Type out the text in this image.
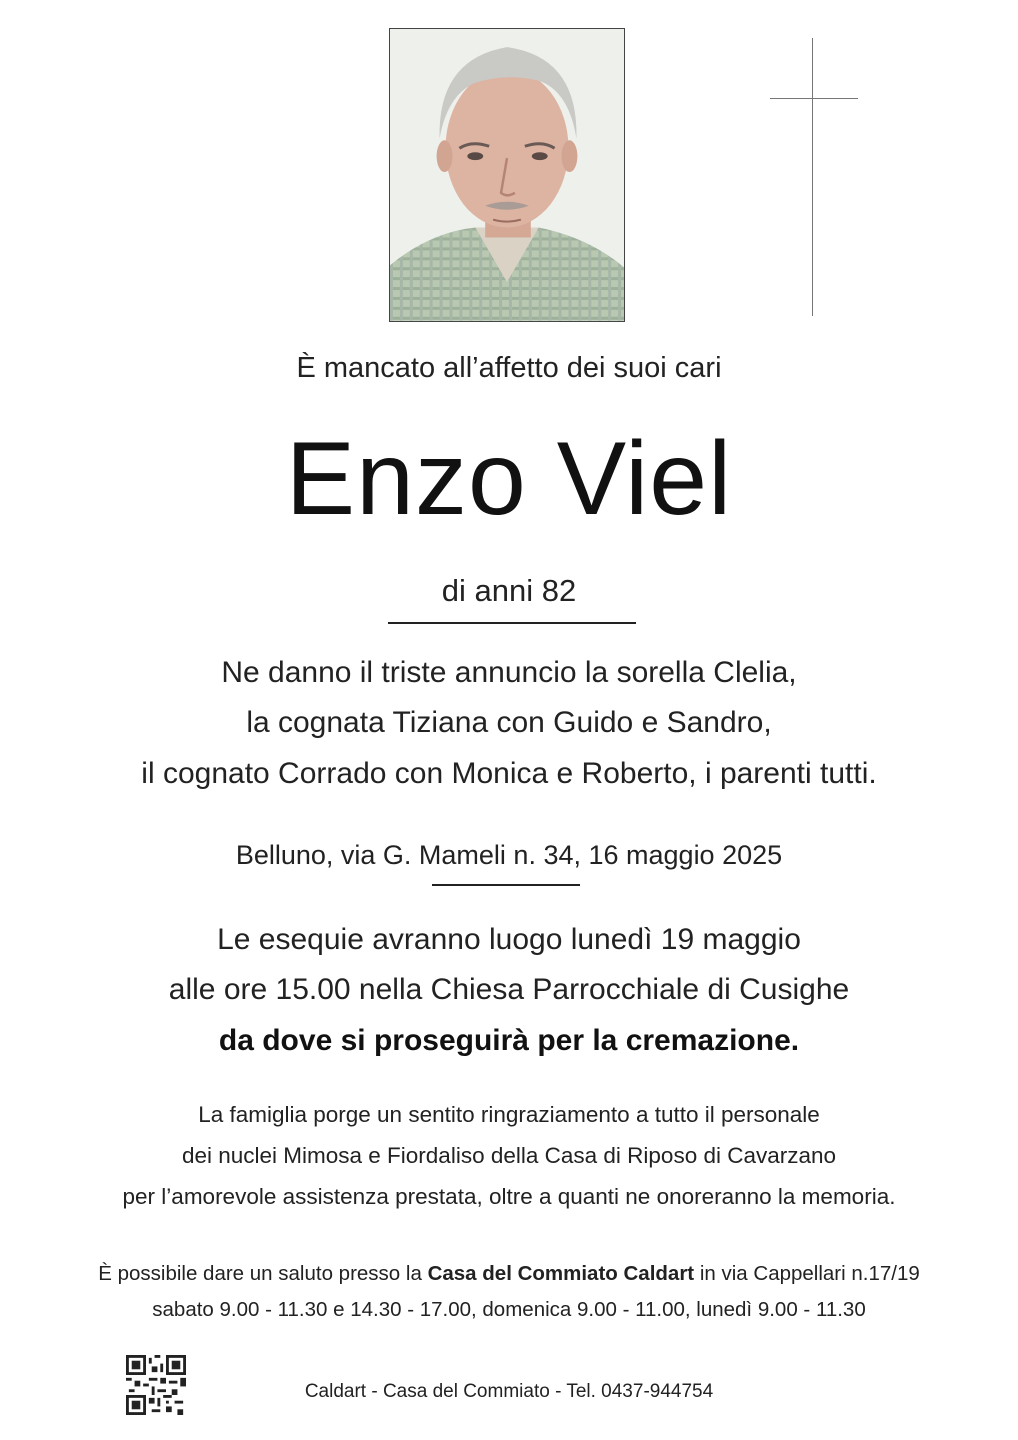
È mancato all’affetto dei suoi cari
Enzo Viel
di anni 82
Ne danno il triste annuncio la sorella Clelia,
la cognata Tiziana con Guido e Sandro,
il cognato Corrado con Monica e Roberto, i parenti tutti.
Belluno, via G. Mameli n. 34, 16 maggio 2025
Le esequie avranno luogo lunedì 19 maggio
alle ore 15.00 nella Chiesa Parrocchiale di Cusighe
da dove si proseguirà per la cremazione.
La famiglia porge un sentito ringraziamento a tutto il personale
dei nuclei Mimosa e Fiordaliso della Casa di Riposo di Cavarzano
per l’amorevole assistenza prestata, oltre a quanti ne onoreranno la memoria.
È possibile dare un saluto presso la Casa del Commiato Caldart in via Cappellari n.17/19
sabato 9.00 - 11.30 e 14.30 - 17.00, domenica 9.00 - 11.00, lunedì 9.00 - 11.30
Caldart - Casa del Commiato - Tel. 0437-944754
